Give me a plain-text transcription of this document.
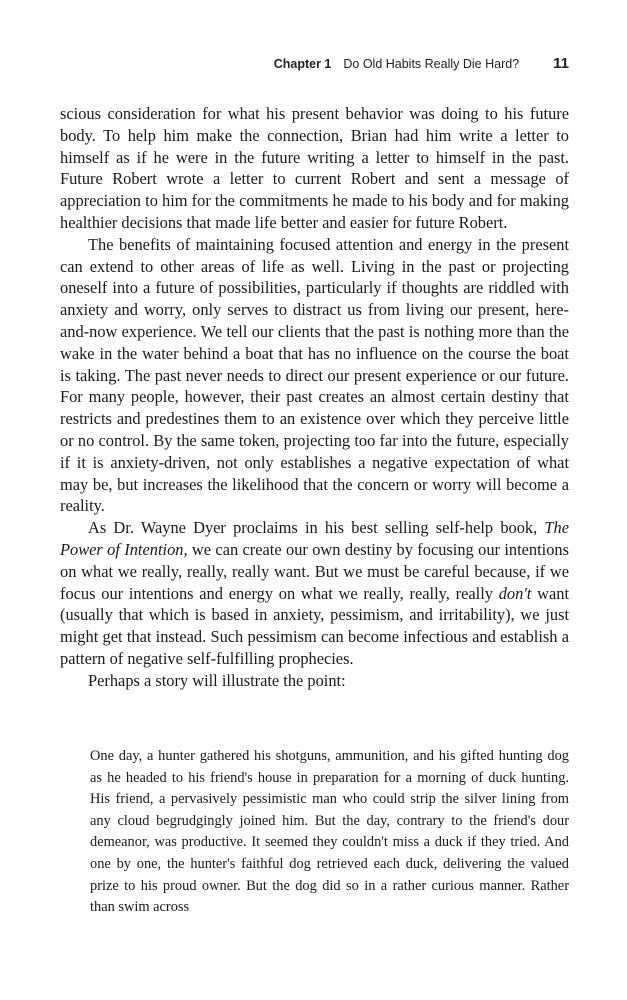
Chapter 1 Do Old Habits Really Die Hard? 11

scious consideration for what his present behavior was doing to his future body. To help him make the connection, Brian had him write a letter to himself as if he were in the future writing a letter to himself in the past. Future Robert wrote a letter to current Robert and sent a message of appreciation to him for the commitments he made to his body and for making healthier decisions that made life better and easier for future Robert.

The benefits of maintaining focused attention and energy in the present can extend to other areas of life as well. Living in the past or projecting oneself into a future of possibilities, particularly if thoughts are riddled with anxiety and worry, only serves to distract us from living our present, here-and-now experience. We tell our clients that the past is nothing more than the wake in the water behind a boat that has no influence on the course the boat is taking. The past never needs to direct our present experience or our future. For many people, however, their past creates an almost certain destiny that restricts and predestines them to an existence over which they perceive little or no control. By the same token, projecting too far into the future, especially if it is anxiety-driven, not only establishes a negative expectation of what may be, but increases the likelihood that the concern or worry will become a reality.

As Dr. Wayne Dyer proclaims in his best selling self-help book, The Power of Intention, we can create our own destiny by focusing our intentions on what we really, really, really want. But we must be careful because, if we focus our intentions and energy on what we really, really, really don't want (usually that which is based in anxiety, pessimism, and irritability), we just might get that instead. Such pessimism can become infectious and establish a pattern of negative self-fulfilling prophecies.

Perhaps a story will illustrate the point:

One day, a hunter gathered his shotguns, ammunition, and his gifted hunting dog as he headed to his friend's house in preparation for a morning of duck hunting. His friend, a pervasively pessimistic man who could strip the silver lining from any cloud begrudgingly joined him. But the day, contrary to the friend's dour demeanor, was productive. It seemed they couldn't miss a duck if they tried. And one by one, the hunter's faithful dog retrieved each duck, delivering the valued prize to his proud owner. But the dog did so in a rather curious manner. Rather than swim across
